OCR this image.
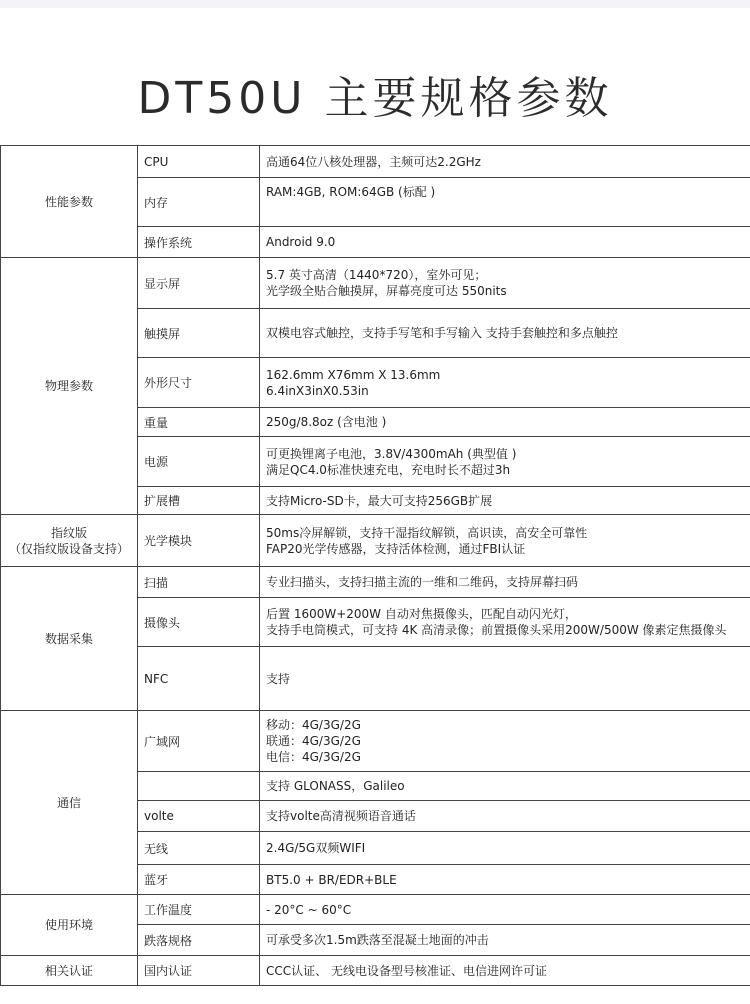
DT50U 主要规格参数
性能参数	CPU	高通64位八核处理器，主频可达2.2GHz

	内存	RAM:4GB, ROM:64GB (标配 )

	操作系统	Android 9.0

物理参数	显示屏	5.7 英寸高清（1440*720），室外可见；
光学级全贴合触摸屏，屏幕亮度可达 550nits

	触摸屏	双模电容式触控，支持手写笔和手写输入 支持手套触控和多点触控

	外形尺寸	162.6mm X76mm X 13.6mm
6.4inX3inX0.53in

	重量	250g/8.8oz (含电池 )

	电源	可更换锂离子电池，3.8V/4300mAh (典型值 )
满足QC4.0标准快速充电，充电时长不超过3h

	扩展槽	支持Micro-SD卡，最大可支持256GB扩展

指纹版
（仅指纹版设备支持）	光学模块	50ms冷屏解锁，支持干湿指纹解锁，高识读，高安全可靠性
FAP20光学传感器，支持活体检测，通过FBI认证

数据采集	扫描	专业扫描头，支持扫描主流的一维和二维码，支持屏幕扫码

	摄像头	后置 1600W+200W 自动对焦摄像头，匹配自动闪光灯，
支持手电筒模式，可支持 4K 高清录像；前置摄像头采用200W/500W 像素定焦摄像头

	NFC	支持

通信	广域网	移动：4G/3G/2G
联通：4G/3G/2G
电信：4G/3G/2G

		支持 GLONASS，Galileo

	volte	支持volte高清视频语音通话

	无线	2.4G/5G双频WIFI

	蓝牙	BT5.0 + BR/EDR+BLE

使用环境	工作温度	- 20°C ~ 60°C

	跌落规格	可承受多次1.5m跌落至混凝土地面的冲击

相关认证	国内认证	CCC认证、 无线电设备型号核准证、电信进网许可证
